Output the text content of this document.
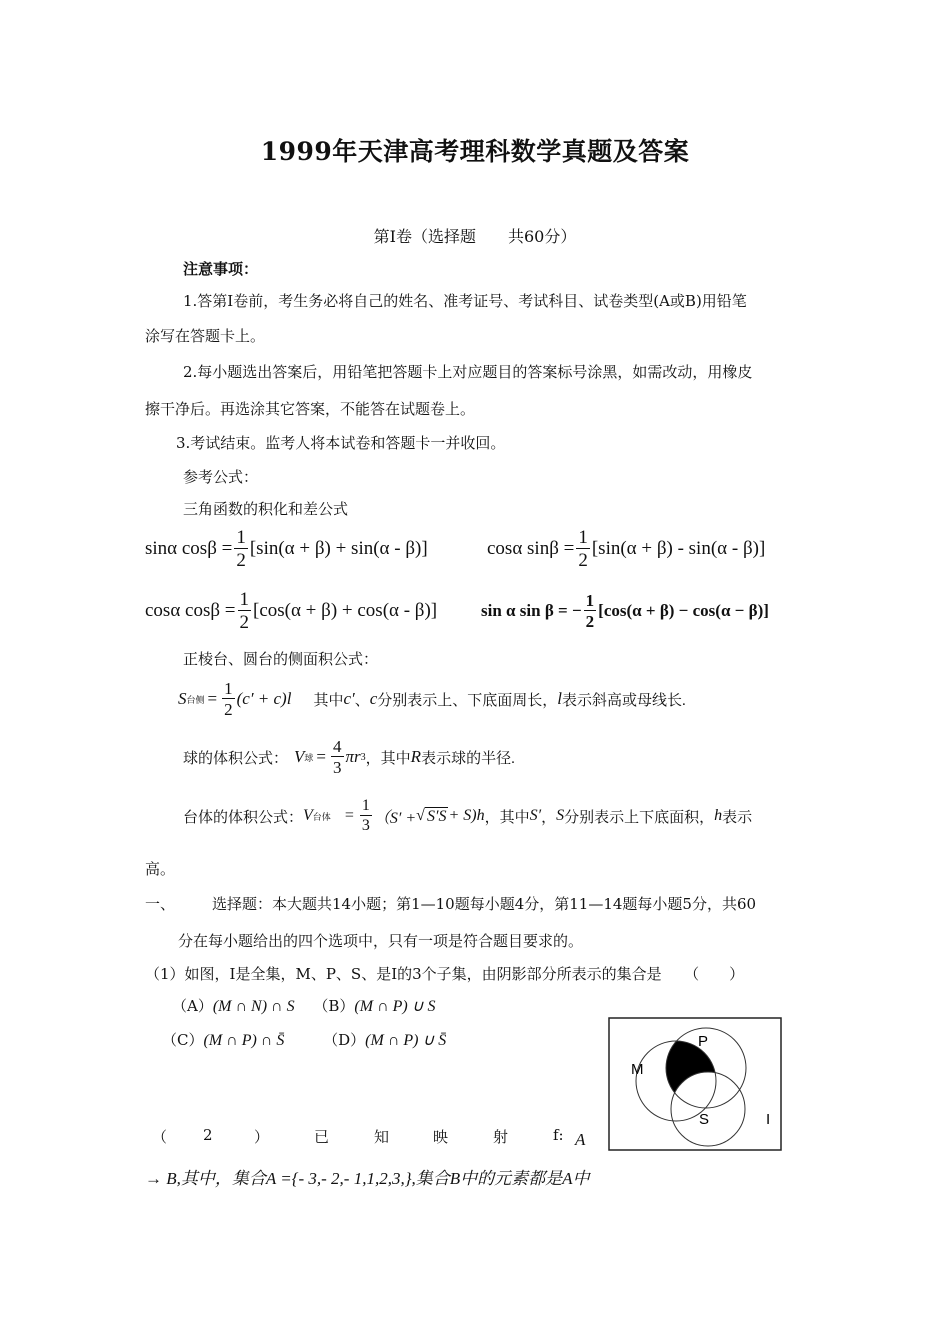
1999年天津高考理科数学真题及答案
第Ⅰ卷（选择题　　共60分）
注意事项：
1.答第Ⅰ卷前，考生务必将自己的姓名、准考证号、考试科目、试卷类型(A或B)用铅笔
涂写在答题卡上。
2.每小题选出答案后，用铅笔把答题卡上对应题目的答案标号涂黑，如需改动，用橡皮
擦干净后。再选涂其它答案，不能答在试题卷上。
3.考试结束。监考人将本试卷和答题卡一并收回。
参考公式：
三角函数的积化和差公式
sinα $\cos\beta = \frac{1}{2} [\sin(\alpha + \beta) + \sin(\alpha - \beta)]$	cosα $\sin\beta = \frac{1}{2} [\sin(\alpha + \beta) - \sin(\alpha - \beta)]$
cosα $\cos\beta = \frac{1}{2} [\cos(\alpha + \beta) + \cos(\alpha - \beta)]$	sin α sin β = − $\frac{1}{2} [\cos(\alpha + \beta) - \cos(\alpha - \beta)]$
正棱台、圆台的侧面积公式：
S 台侧 = $\frac{1}{2} (c' + c)l$ 其中 c′ 、 c 分别表示上、下底面周长， l 表示斜高或母线长.
球的体积公式： V 球 = $\frac{4}{3}$ πr 3 ，其中 R 表示球的半径.
台体的体积公式： V 台体 = $\frac{1}{3} (S'$ + √ S′S + S)h ，其中 S′ ， S 分别表示上下底面积， h 表示
高。
一、 选择题：本大题共14小题；第1—10题每小题4分，第11—14题每小题5分，共60
分在每小题给出的四个选项中，只有一项是符合题目要求的。
（1）如图，I是全集，M、P、S、是I的3个子集，由阴影部分所表示的集合是　　（　　）
（A）(M ∩ N) ∩ S （B）(M ∩ P) ∪ S
（C）(M ∩ P) ∩ S̄	（D）(M ∩ P) ∪ S̄
M
P
S	I
（ 2	）	已	知	映	射	f: A
→ B,其中，集合A ={- 3,- 2,- 1,1,2,3,},集合B中的元素都是A中
